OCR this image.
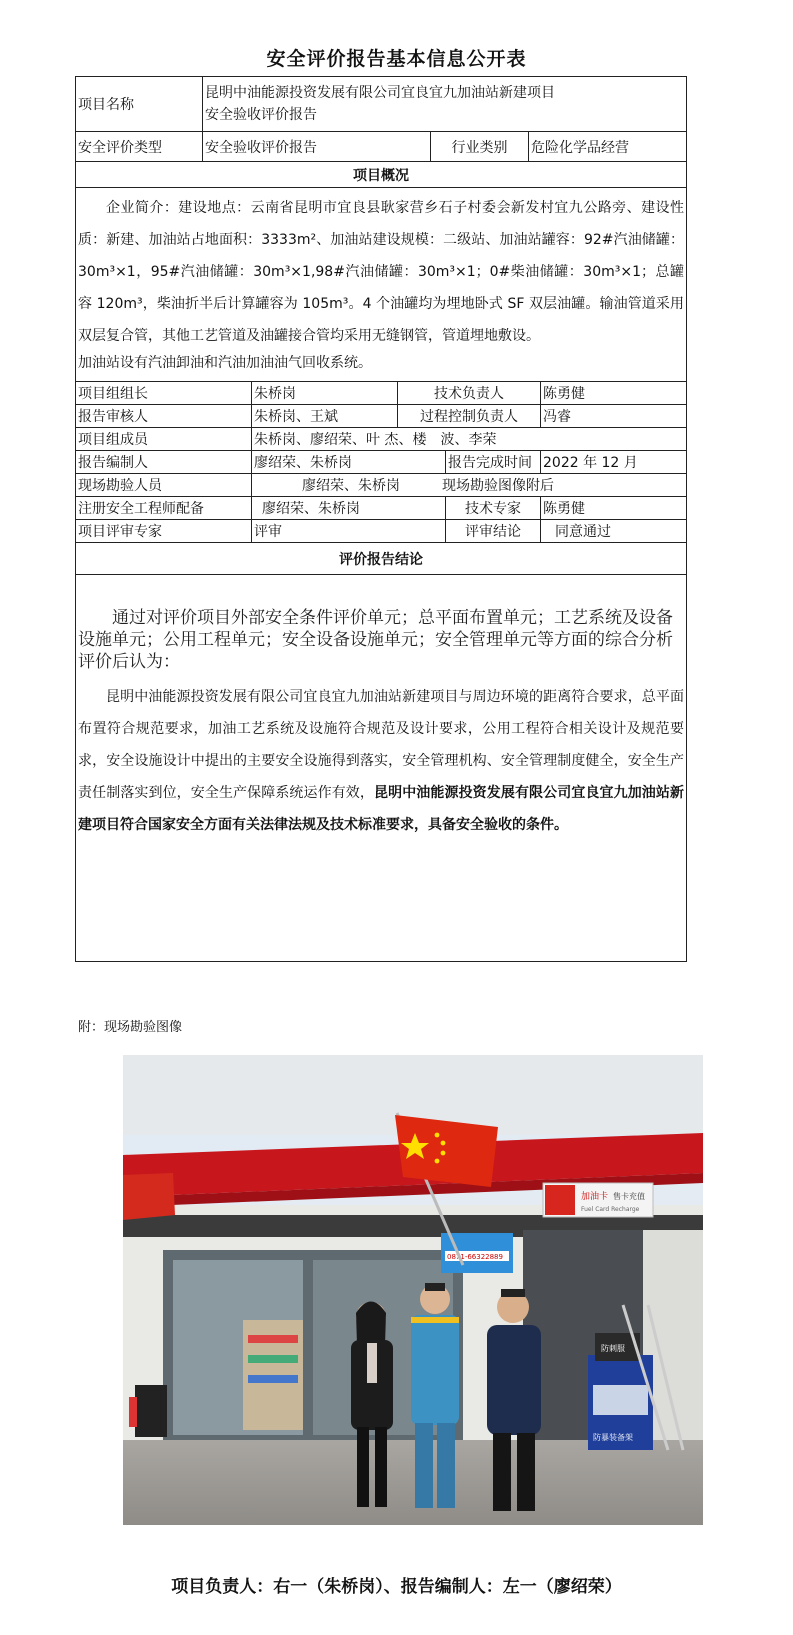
安全评价报告基本信息公开表
项目名称
昆明中油能源投资发展有限公司宜良宜九加油站新建项目
安全验收评价报告
安全评价类型	安全验收评价报告	行业类别	危险化学品经营
项目概况
企业简介：建设地点：云南省昆明市宜良县耿家营乡石子村委会新发村宜九公路旁、建设性质：新建、加油站占地面积：3333m²、加油站建设规模：二级站、加油站罐容：92#汽油储罐：30m³×1，95#汽油储罐：30m³×1,98#汽油储罐：30m³×1；0#柴油储罐：30m³×1；总罐容 120m³，柴油折半后计算罐容为 105m³。4 个油罐均为埋地卧式 SF 双层油罐。输油管道采用双层复合管，其他工艺管道及油罐接合管均采用无缝钢管，管道埋地敷设。
加油站设有汽油卸油和汽油加油油气回收系统。
项目组组长	朱桥岗	技术负责人	陈勇健
报告审核人	朱桥岗、王斌	过程控制负责人	冯睿
项目组成员	朱桥岗、廖绍荣、叶 杰、楼　波、李荣
报告编制人	廖绍荣、朱桥岗	报告完成时间 2022 年 12 月
现场勘验人员	廖绍荣、朱桥岗	现场勘验图像附后
注册安全工程师配备	廖绍荣、朱桥岗	技术专家	陈勇健
项目评审专家	评审	评审结论	同意通过
评价报告结论
通过对评价项目外部安全条件评价单元；总平面布置单元；工艺系统及设备设施单元；公用工程单元；安全设备设施单元；安全管理单元等方面的综合分析评价后认为：
昆明中油能源投资发展有限公司宜良宜九加油站新建项目与周边环境的距离符合要求，总平面布置符合规范要求，加油工艺系统及设施符合规范及设计要求，公用工程符合相关设计及规范要求，安全设施设计中提出的主要安全设施得到落实，安全管理机构、安全管理制度健全，安全生产责任制落实到位，安全生产保障系统运作有效，昆明中油能源投资发展有限公司宜良宜九加油站新建项目符合国家安全方面有关法律法规及技术标准要求，具备安全验收的条件。
附：现场勘验图像
加油卡 售卡充值
Fuel Card Recharge
0871-66322889
防刺服
防暴装备架
项目负责人：右一（朱桥岗）、报告编制人：左一（廖绍荣）
